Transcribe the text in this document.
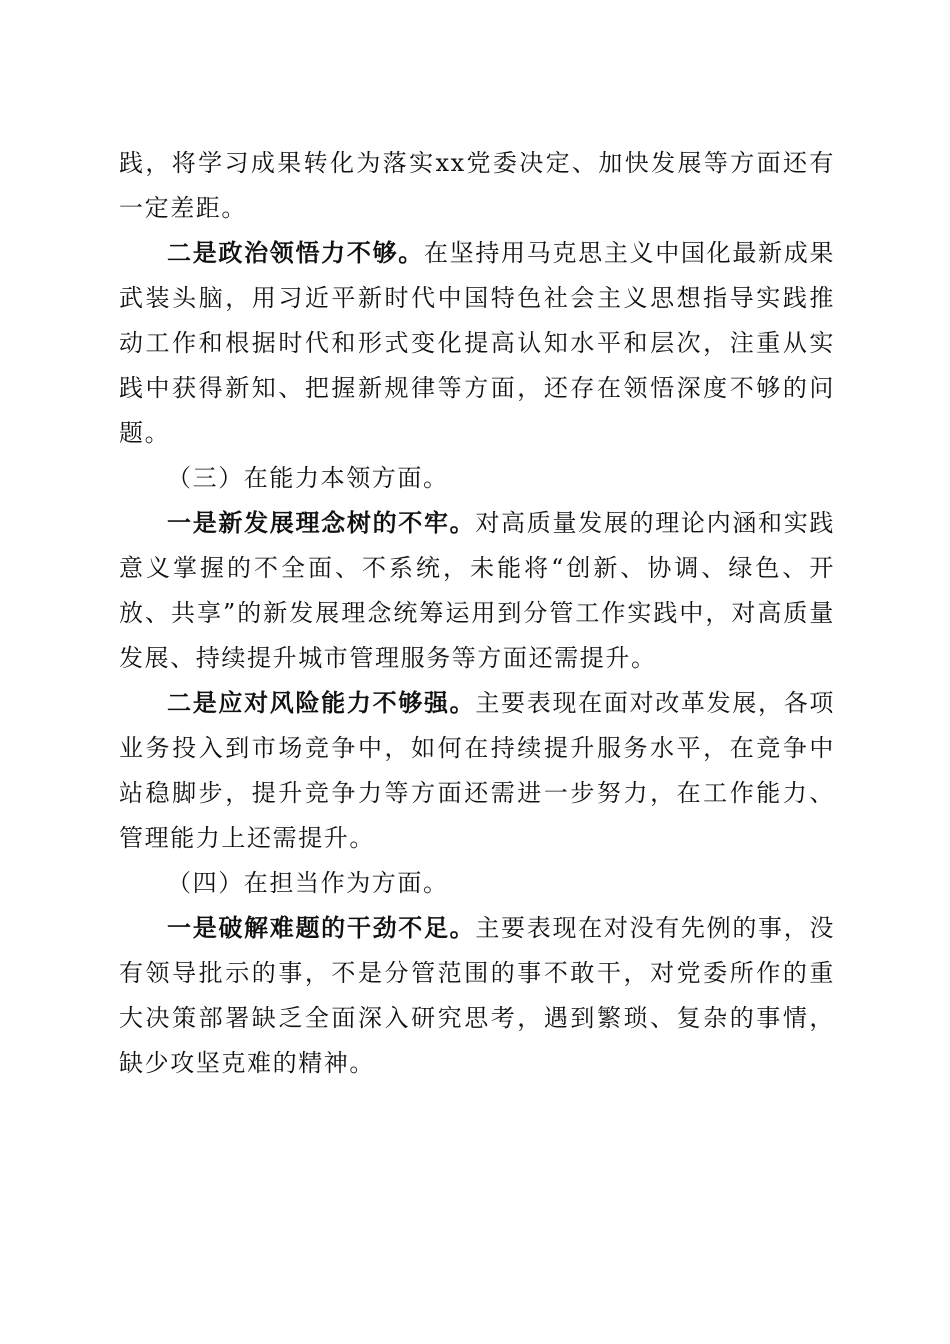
践，将学习成果转化为落实xx党委决定、加快发展等方面还有一定差距。

二是政治领悟力不够。在坚持用马克思主义中国化最新成果武装头脑，用习近平新时代中国特色社会主义思想指导实践推动工作和根据时代和形式变化提高认知水平和层次，注重从实践中获得新知、把握新规律等方面，还存在领悟深度不够的问题。

（三）在能力本领方面。

一是新发展理念树的不牢。对高质量发展的理论内涵和实践意义掌握的不全面、不系统，未能将“创新、协调、绿色、开放、共享”的新发展理念统筹运用到分管工作实践中，对高质量发展、持续提升城市管理服务等方面还需提升。

二是应对风险能力不够强。主要表现在面对改革发展，各项业务投入到市场竞争中，如何在持续提升服务水平，在竞争中站稳脚步，提升竞争力等方面还需进一步努力，在工作能力、管理能力上还需提升。

（四）在担当作为方面。

一是破解难题的干劲不足。主要表现在对没有先例的事，没有领导批示的事，不是分管范围的事不敢干，对党委所作的重大决策部署缺乏全面深入研究思考，遇到繁琐、复杂的事情，缺少攻坚克难的精神。
